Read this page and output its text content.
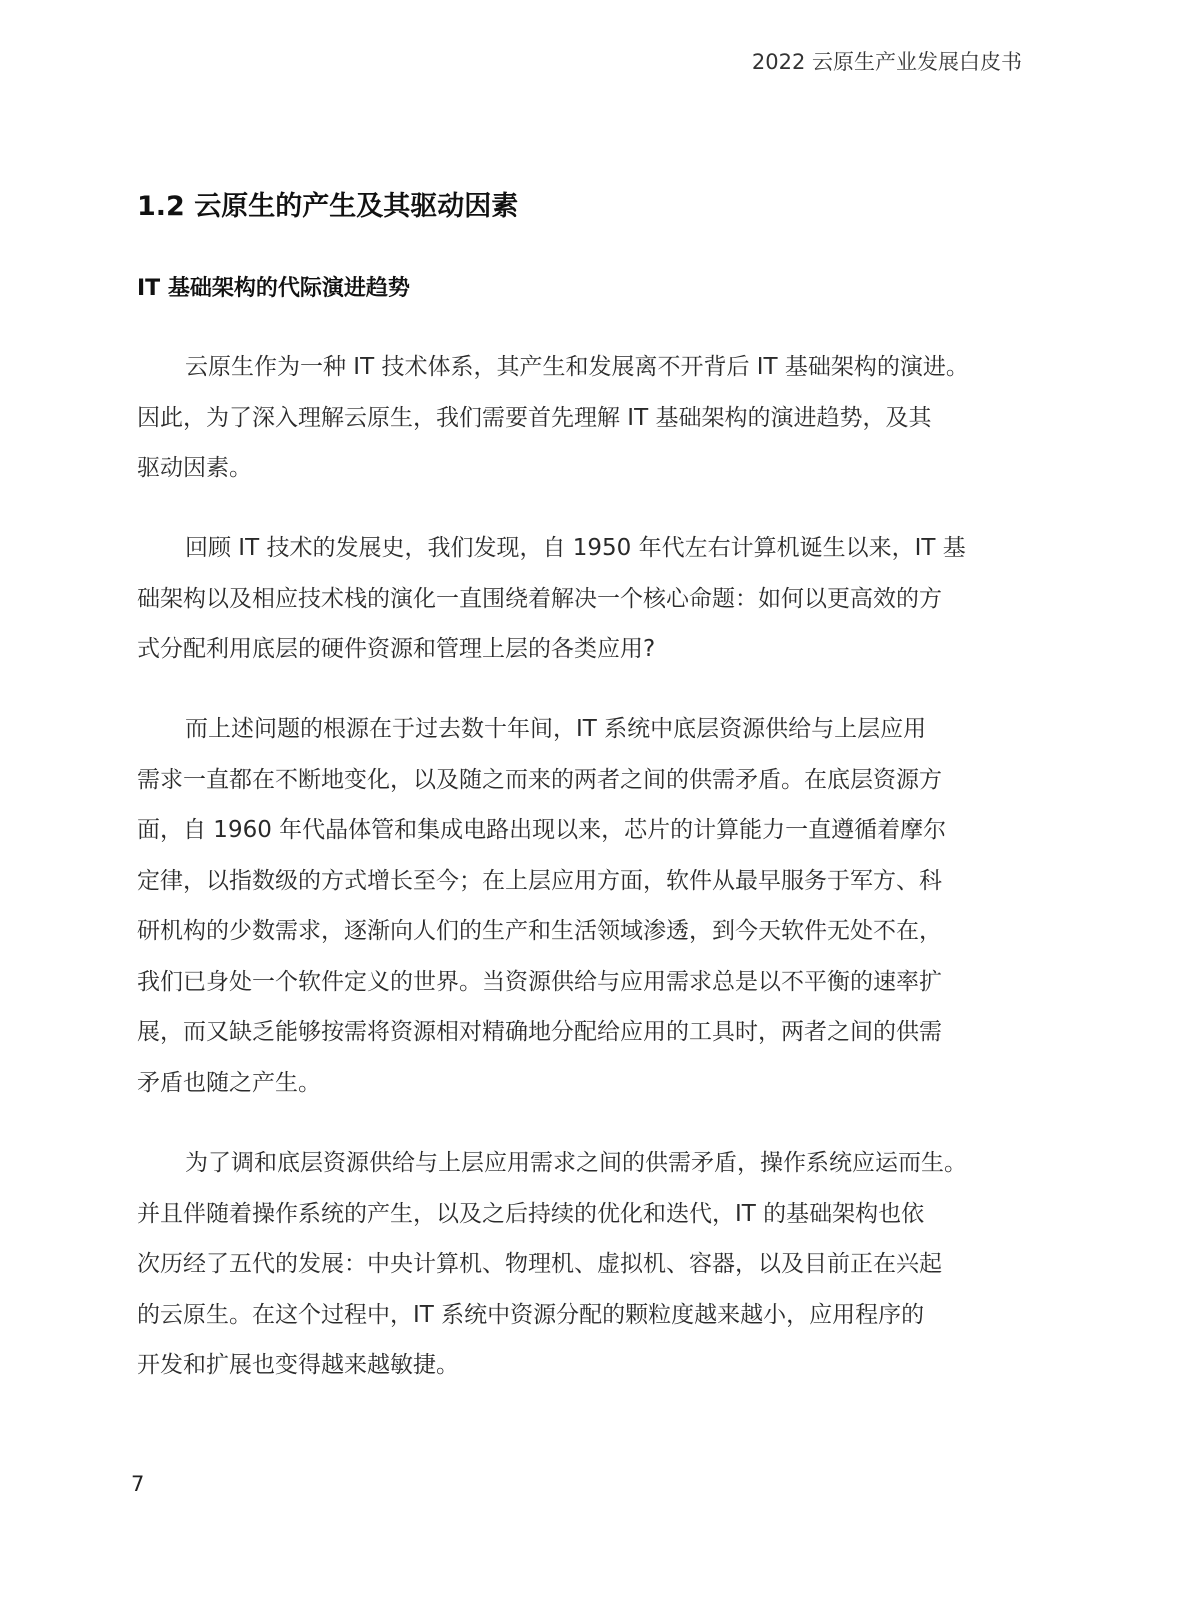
2022 云原生产业发展白皮书
1.2 云原生的产生及其驱动因素
IT 基础架构的代际演进趋势
云原生作为一种 IT 技术体系，其产生和发展离不开背后 IT 基础架构的演进。
因此，为了深入理解云原生，我们需要首先理解 IT 基础架构的演进趋势，及其
驱动因素。
回顾 IT 技术的发展史，我们发现，自 1950 年代左右计算机诞生以来，IT 基
础架构以及相应技术栈的演化一直围绕着解决一个核心命题：如何以更高效的方
式分配利用底层的硬件资源和管理上层的各类应用?
而上述问题的根源在于过去数十年间，IT 系统中底层资源供给与上层应用
需求一直都在不断地变化，以及随之而来的两者之间的供需矛盾。在底层资源方
面，自 1960 年代晶体管和集成电路出现以来，芯片的计算能力一直遵循着摩尔
定律，以指数级的方式增长至今；在上层应用方面，软件从最早服务于军方、科
研机构的少数需求，逐渐向人们的生产和生活领域渗透，到今天软件无处不在，
我们已身处一个软件定义的世界。当资源供给与应用需求总是以不平衡的速率扩
展，而又缺乏能够按需将资源相对精确地分配给应用的工具时，两者之间的供需
矛盾也随之产生。
为了调和底层资源供给与上层应用需求之间的供需矛盾，操作系统应运而生。
并且伴随着操作系统的产生，以及之后持续的优化和迭代，IT 的基础架构也依
次历经了五代的发展：中央计算机、物理机、虚拟机、容器，以及目前正在兴起
的云原生。在这个过程中，IT 系统中资源分配的颗粒度越来越小，应用程序的
开发和扩展也变得越来越敏捷。
7
